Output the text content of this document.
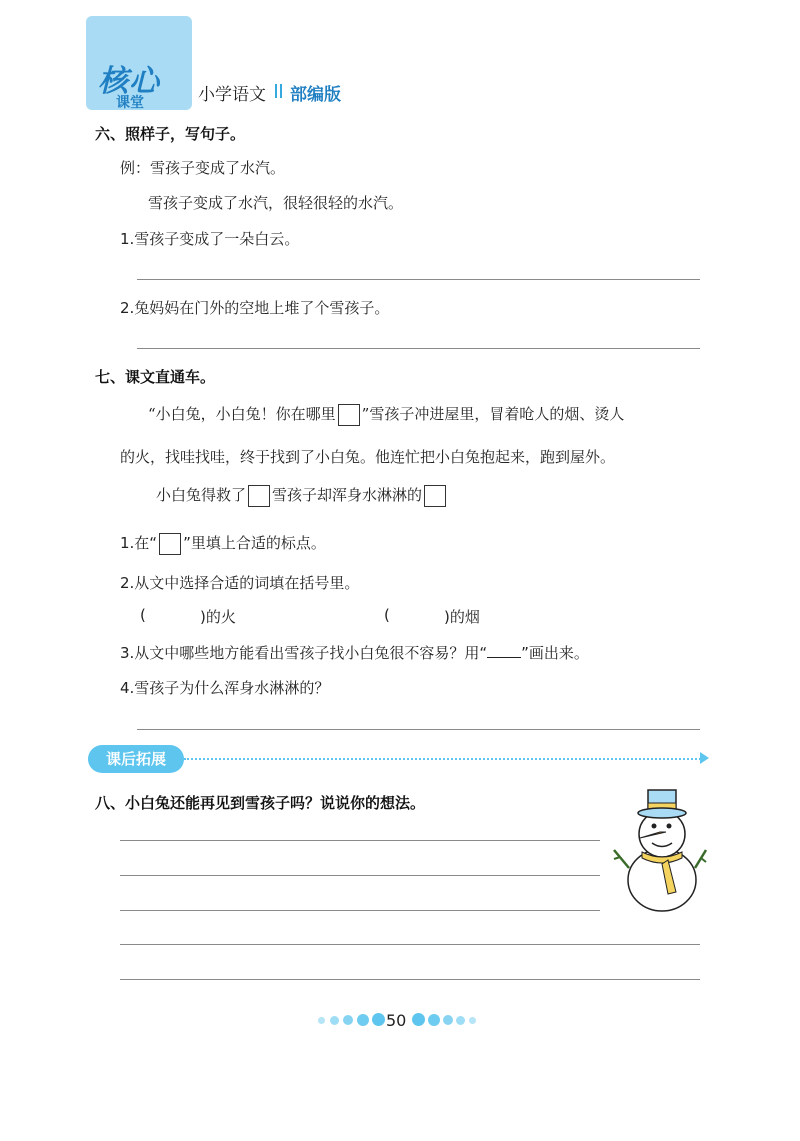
核心
课堂	小学语文 部编版
六、照样子，写句子。
例：雪孩子变成了水汽。
雪孩子变成了水汽，很轻很轻的水汽。
1.雪孩子变成了一朵白云。
2.兔妈妈在门外的空地上堆了个雪孩子。
七、课文直通车。
“小白兔，小白兔！你在哪里 ”雪孩子冲进屋里，冒着呛人的烟、烫人
的火，找哇找哇，终于找到了小白兔。他连忙把小白兔抱起来，跑到屋外。
小白兔得救了 雪孩子却浑身水淋淋的
1.在“ ”里填上合适的标点。
2.从文中选择合适的词填在括号里。
(	)的火	(	)的烟
3.从文中哪些地方能看出雪孩子找小白兔很不容易？用“ ”画出来。
4.雪孩子为什么浑身水淋淋的？
课后拓展
八、小白兔还能再见到雪孩子吗？说说你的想法。
50
